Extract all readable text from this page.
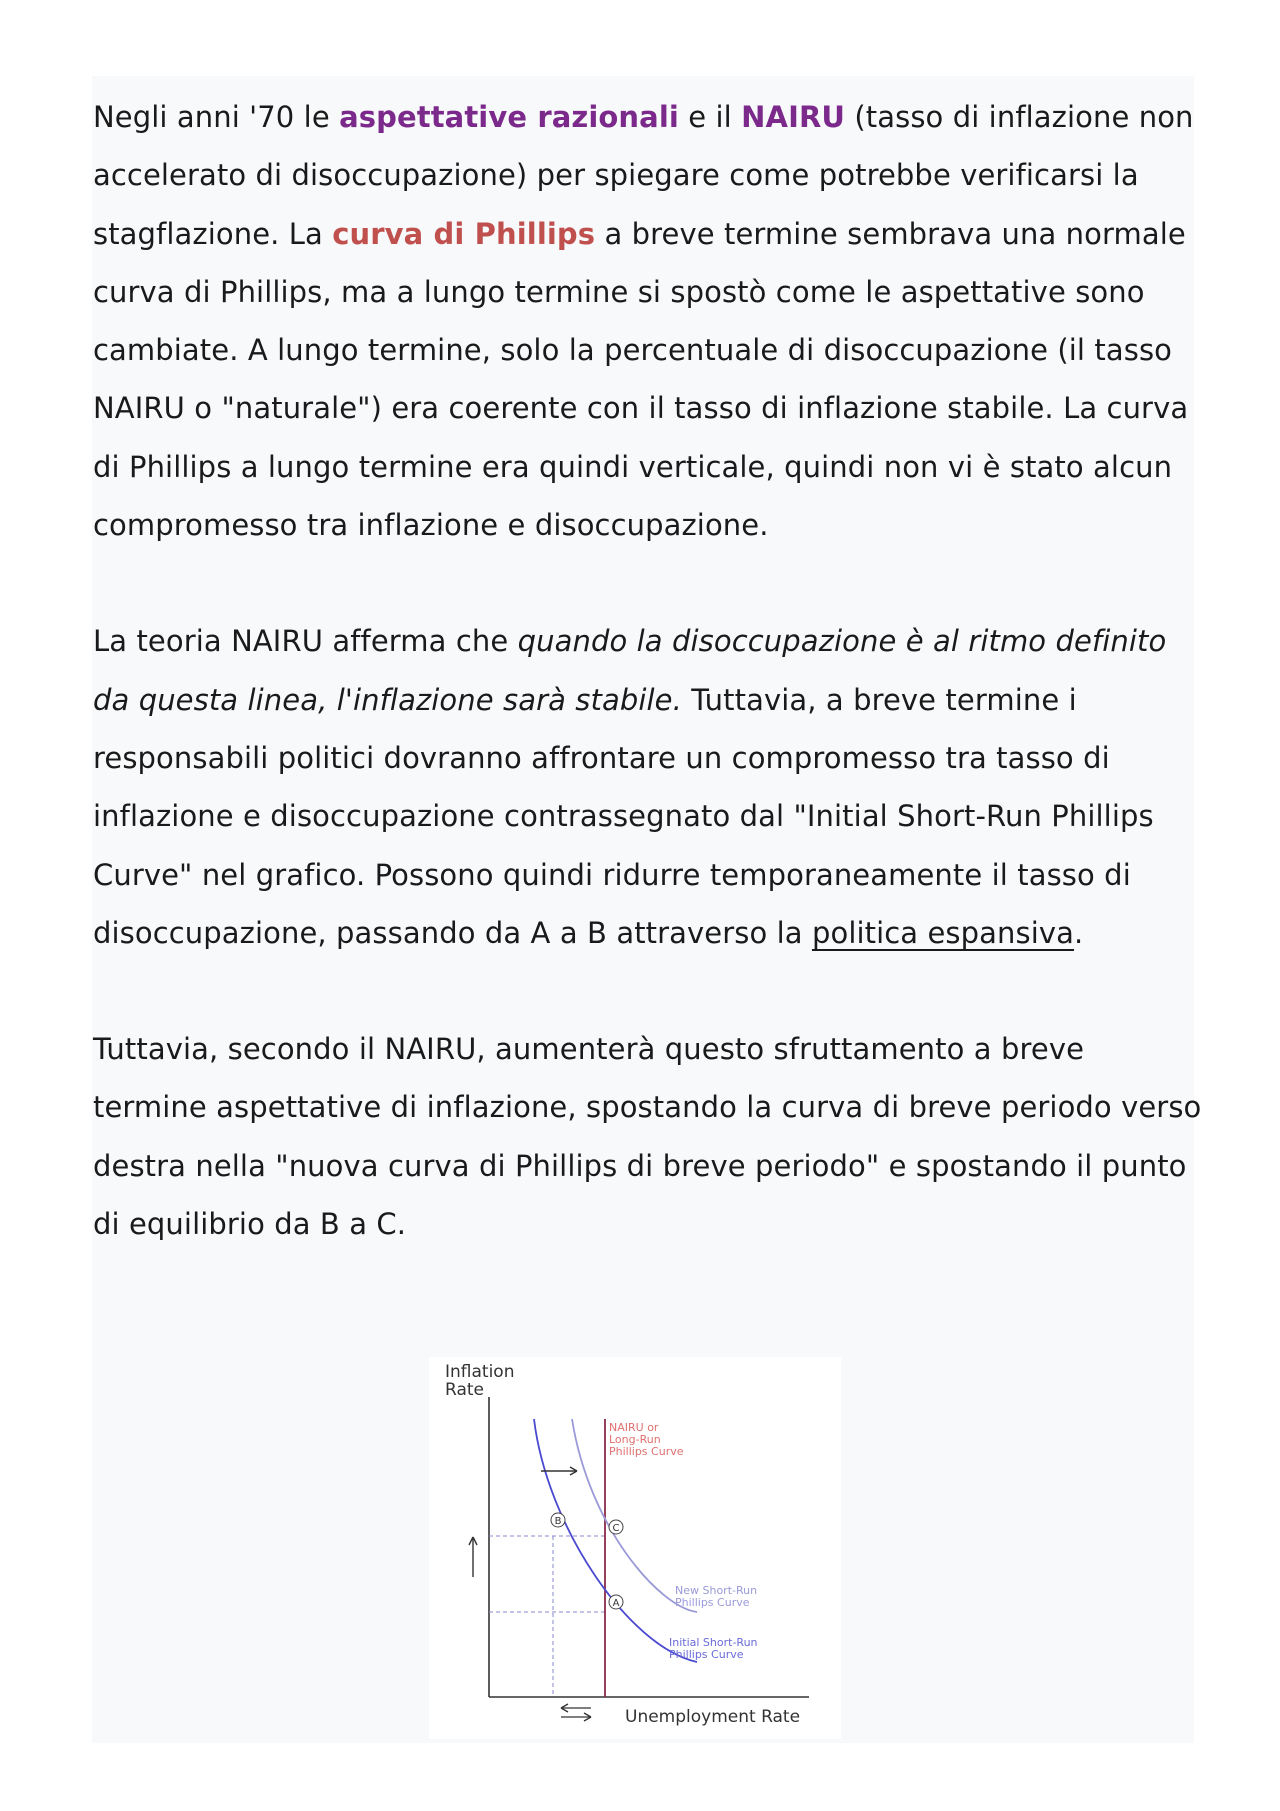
Negli anni '70 le aspettative razionali e il NAIRU (tasso di inflazione non accelerato di disoccupazione) per spiegare come potrebbe verificarsi la stagflazione. La curva di Phillips a breve termine sembrava una normale curva di Phillips, ma a lungo termine si spostò come le aspettative sono cambiate. A lungo termine, solo la percentuale di disoccupazione (il tasso NAIRU o "naturale") era coerente con il tasso di inflazione stabile. La curva di Phillips a lungo termine era quindi verticale, quindi non vi è stato alcun compromesso tra inflazione e disoccupazione.

La teoria NAIRU afferma che quando la disoccupazione è al ritmo definito da questa linea, l'inflazione sarà stabile. Tuttavia, a breve termine i responsabili politici dovranno affrontare un compromesso tra tasso di inflazione e disoccupazione contrassegnato dal "Initial Short-Run Phillips Curve" nel grafico. Possono quindi ridurre temporaneamente il tasso di disoccupazione, passando da A a B attraverso la politica espansiva.

Tuttavia, secondo il NAIRU, aumenterà questo sfruttamento a breve termine aspettative di inflazione, spostando la curva di breve periodo verso destra nella "nuova curva di Phillips di breve periodo" e spostando il punto di equilibrio da B a C.

Inflation
Rate
Unemployment Rate
B
C
A
NAIRU or
Long-Run
Phillips Curve
New Short-Run
Phillips Curve
Initial Short-Run
Phillips Curve
